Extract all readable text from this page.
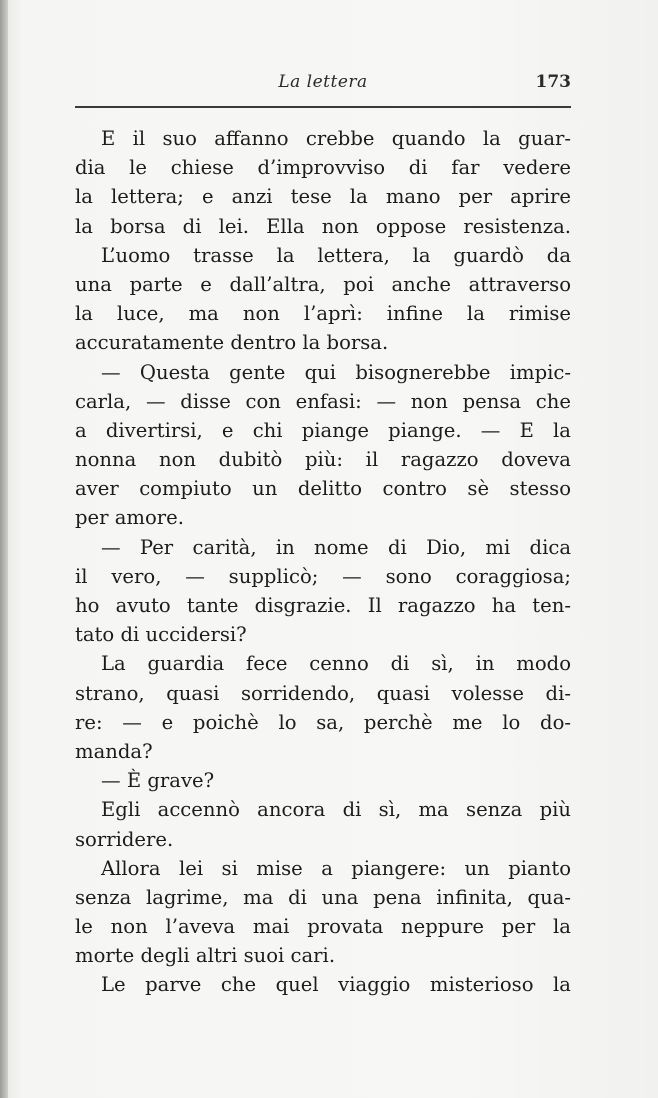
La lettera	173
E il suo affanno crebbe quando la guar-
dia le chiese d’improvviso di far vedere
la lettera; e anzi tese la mano per aprire
la borsa di lei. Ella non oppose resistenza.
L’uomo trasse la lettera, la guardò da
una parte e dall’altra, poi anche attraverso
la luce, ma non l’aprì: infine la rimise
accuratamente dentro la borsa.
— Questa gente qui bisognerebbe impic-
carla, — disse con enfasi: — non pensa che
a divertirsi, e chi piange piange. — E la
nonna non dubitò più: il ragazzo doveva
aver compiuto un delitto contro sè stesso
per amore.
— Per carità, in nome di Dio, mi dica
il vero, — supplicò; — sono coraggiosa;
ho avuto tante disgrazie. Il ragazzo ha ten-
tato di uccidersi?
La guardia fece cenno di sì, in modo
strano, quasi sorridendo, quasi volesse di-
re: — e poichè lo sa, perchè me lo do-
manda?
— È grave?
Egli accennò ancora di sì, ma senza più
sorridere.
Allora lei si mise a piangere: un pianto
senza lagrime, ma di una pena infinita, qua-
le non l’aveva mai provata neppure per la
morte degli altri suoi cari.
Le parve che quel viaggio misterioso la
